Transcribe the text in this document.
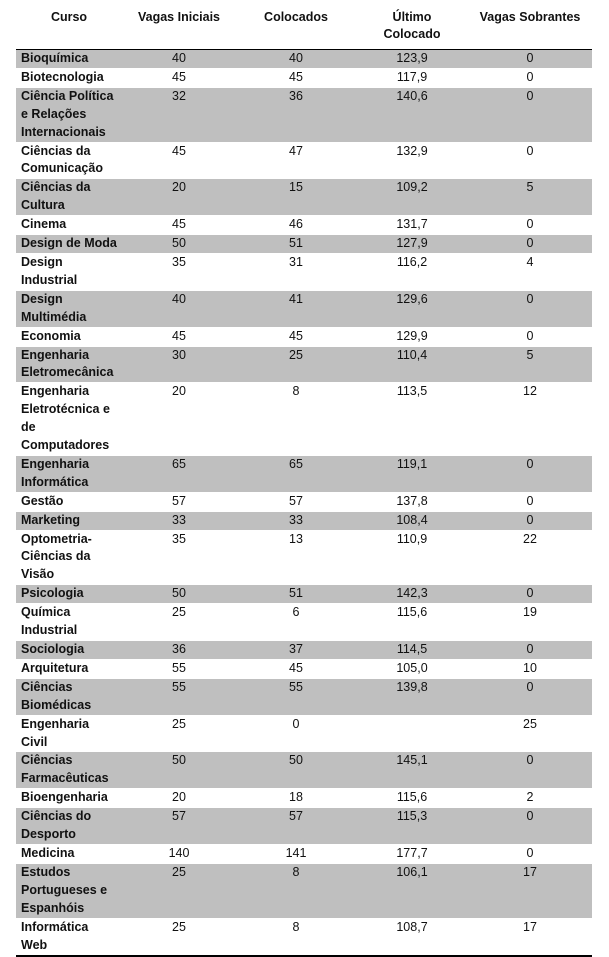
Curso	Vagas Iniciais	Colocados	Último
Colocado	Vagas Sobrantes
Bioquímica	40	40	123,9	0
Biotecnologia	45	45	117,9	0
Ciência Política
e Relações
Internacionais	32	36	140,6	0
Ciências da
Comunicação	45	47	132,9	0
Ciências da
Cultura	20	15	109,2	5
Cinema	45	46	131,7	0
Design de Moda	50	51	127,9	0
Design
Industrial	35	31	116,2	4
Design
Multimédia	40	41	129,6	0
Economia	45	45	129,9	0
Engenharia
Eletromecânica	30	25	110,4	5
Engenharia
Eletrotécnica e
de
Computadores	20	8	113,5	12
Engenharia
Informática	65	65	119,1	0
Gestão	57	57	137,8	0
Marketing	33	33	108,4	0
Optometria-
Ciências da
Visão	35	13	110,9	22
Psicologia	50	51	142,3	0
Química
Industrial	25	6	115,6	19
Sociologia	36	37	114,5	0
Arquitetura	55	45	105,0	10
Ciências
Biomédicas	55	55	139,8	0
Engenharia Civil	25	0		25
Ciências
Farmacêuticas	50	50	145,1	0
Bioengenharia	20	18	115,6	2
Ciências do
Desporto	57	57	115,3	0
Medicina	140	141	177,7	0
Estudos
Portugueses e
Espanhóis	25	8	106,1	17
Informática
Web	25	8	108,7	17
